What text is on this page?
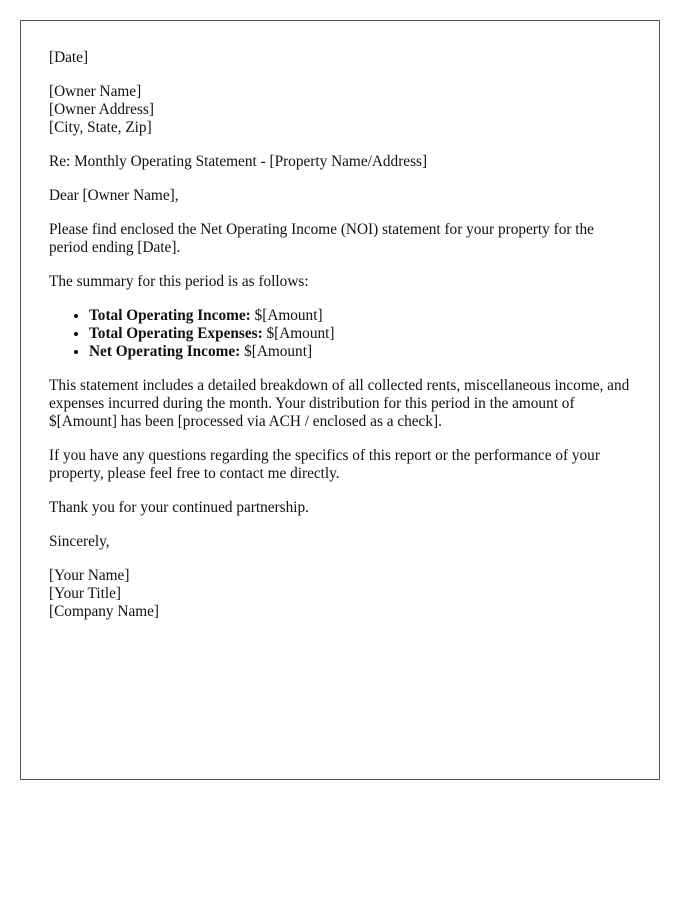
[Date]
[Owner Name]
[Owner Address]
[City, State, Zip]

Re: Monthly Operating Statement - [Property Name/Address]

Dear [Owner Name],

Please find enclosed the Net Operating Income (NOI) statement for your property for the period ending [Date].

The summary for this period is as follows:

• Total Operating Income: $[Amount]
• Total Operating Expenses: $[Amount]
• Net Operating Income: $[Amount]

This statement includes a detailed breakdown of all collected rents, miscellaneous income, and expenses incurred during the month. Your distribution for this period in the amount of $[Amount] has been [processed via ACH / enclosed as a check].

If you have any questions regarding the specifics of this report or the performance of your property, please feel free to contact me directly.

Thank you for your continued partnership.

Sincerely,

[Your Name]
[Your Title]
[Company Name]
